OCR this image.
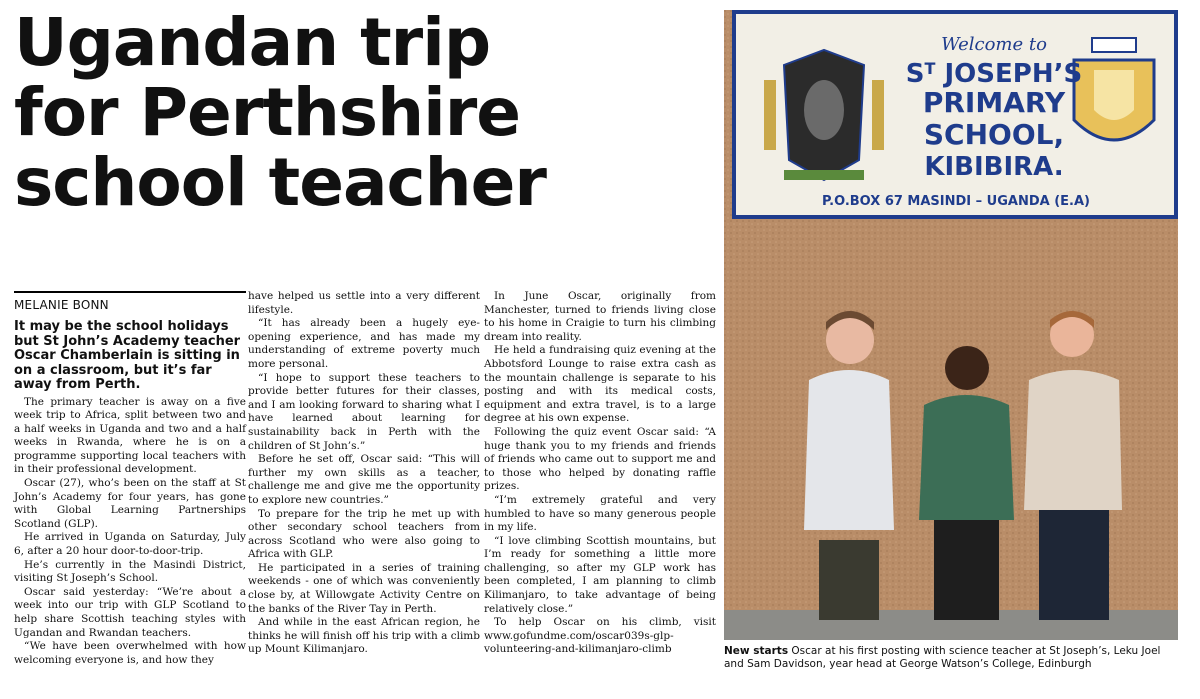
Ugandan trip
for Perthshire
school teacher
MELANIE BONN
It may be the school holidays but St John’s Academy teacher Oscar Chamberlain is sitting in on a classroom, but it’s far away from Perth.

The primary teacher is away on a five week trip to Africa, split between two and a half weeks in Uganda and two and a half weeks in Rwanda, where he is on a programme supporting local teachers with in their professional development.

Oscar (27), who’s been on the staff at St John’s Academy for four years, has gone with Global Learning Partnerships Scotland (GLP).

He arrived in Uganda on Saturday, July 6, after a 20 hour door-to-door-trip.

He’s currently in the Masindi District, visiting St Joseph’s School.

Oscar said yesterday: “We’re about a week into our trip with GLP Scotland to help share Scottish teaching styles with Ugandan and Rwandan teachers.

“We have been overwhelmed with how welcoming everyone is, and how they

have helped us settle into a very different lifestyle.

“It has already been a hugely eye-opening experience, and has made my understanding of extreme poverty much more personal.

“I hope to support these teachers to provide better futures for their classes, and I am looking forward to sharing what I have learned about learning for sustainability back in Perth with the children of St John’s.”

Before he set off, Oscar said: “This will further my own skills as a teacher, challenge me and give me the opportunity to explore new countries.”

To prepare for the trip he met up with other secondary school teachers from across Scotland who were also going to Africa with GLP.

He participated in a series of training weekends - one of which was conveniently close by, at Willowgate Activity Centre on the banks of the River Tay in Perth.

And while in the east African region, he thinks he will finish off his trip with a climb up Mount Kilimanjaro.

In June Oscar, originally from Manchester, turned to friends living close to his home in Craigie to turn his climbing dream into reality.

He held a fundraising quiz evening at the Abbotsford Lounge to raise extra cash as the mountain challenge is separate to his posting and with its medical costs, equipment and extra travel, is to a large degree at his own expense.

Following the quiz event Oscar said: “A huge thank you to my friends and friends of friends who came out to support me and to those who helped by donating raffle prizes.

“I’m extremely grateful and very humbled to have so many generous people in my life.

“I love climbing Scottish mountains, but I’m ready for something a little more challenging, so after my GLP work has been completed, I am planning to climb Kilimanjaro, to take advantage of being relatively close.”

To help Oscar on his climb, visit www.gofundme.com/oscar039s-glp-volunteering-and-kilimanjaro-climb

Welcome to
$S^T$ JOSEPH’S
PRIMARY
SCHOOL,
KIBIBIRA.
P.O.BOX 67 MASINDI – UGANDA (E.A)
New starts Oscar at his first posting with science teacher at St Joseph’s, Leku Joel and Sam Davidson, year head at George Watson’s College, Edinburgh
